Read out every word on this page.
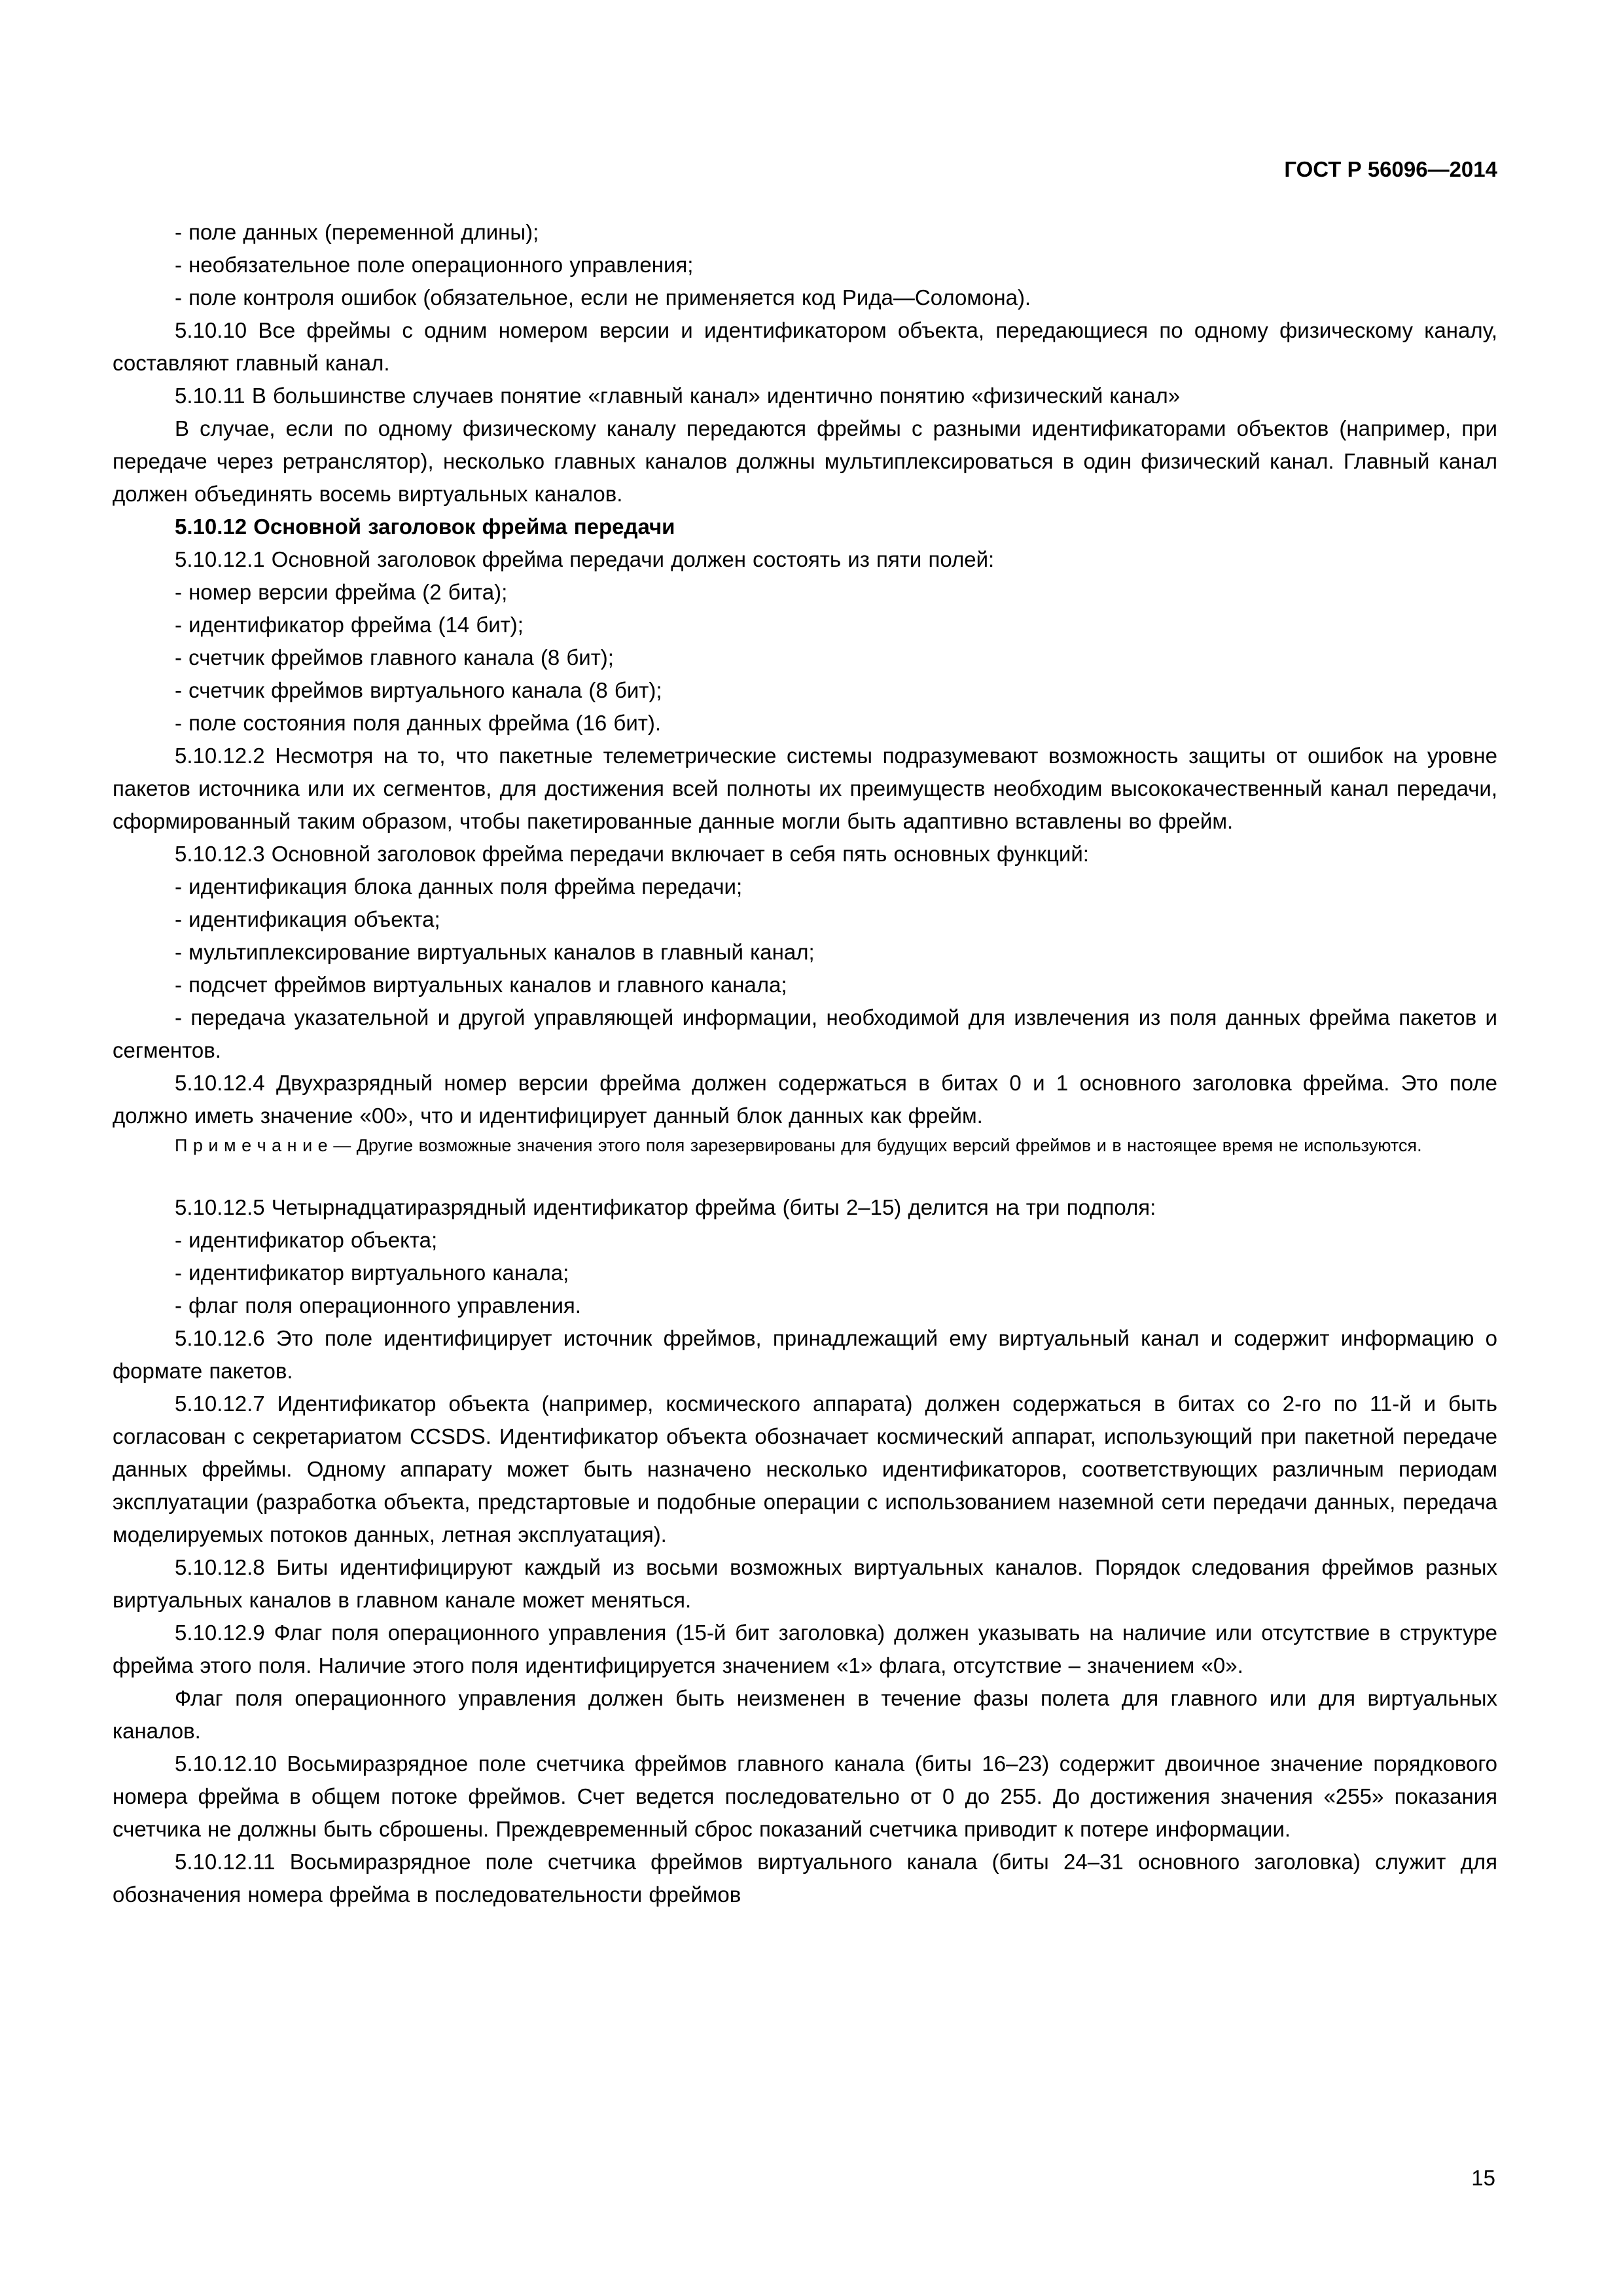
ГОСТ Р 56096—2014

- поле данных (переменной длины);

- необязательное поле операционного управления;

- поле контроля ошибок (обязательное, если не применяется код Рида—Соломона).

5.10.10 Все фреймы с одним номером версии и идентификатором объекта, передающиеся по одному физическому каналу, составляют главный канал.

5.10.11 В большинстве случаев понятие «главный канал» идентично понятию «физический канал»

В случае, если по одному физическому каналу передаются фреймы с разными идентификаторами объектов (например, при передаче через ретранслятор), несколько главных каналов должны мультиплексироваться в один физический канал. Главный канал должен объединять восемь виртуальных каналов.

5.10.12 Основной заголовок фрейма передачи

5.10.12.1 Основной заголовок фрейма передачи должен состоять из пяти полей:

- номер версии фрейма (2 бита);

- идентификатор фрейма (14 бит);

- счетчик фреймов главного канала (8 бит);

- счетчик фреймов виртуального канала (8 бит);

- поле состояния поля данных фрейма (16 бит).

5.10.12.2 Несмотря на то, что пакетные телеметрические системы подразумевают возможность защиты от ошибок на уровне пакетов источника или их сегментов, для достижения всей полноты их преимуществ необходим высококачественный канал передачи, сформированный таким образом, чтобы пакетированные данные могли быть адаптивно вставлены во фрейм.

5.10.12.3 Основной заголовок фрейма передачи включает в себя пять основных функций:

- идентификация блока данных поля фрейма передачи;

- идентификация объекта;

- мультиплексирование виртуальных каналов в главный канал;

- подсчет фреймов виртуальных каналов и главного канала;

- передача указательной и другой управляющей информации, необходимой для извлечения из поля данных фрейма пакетов и сегментов.

5.10.12.4 Двухразрядный номер версии фрейма должен содержаться в битах 0 и 1 основного заголовка фрейма. Это поле должно иметь значение «00», что и идентифицирует данный блок данных как фрейм.

П р и м е ч а н и е — Другие возможные значения этого поля зарезервированы для будущих версий фреймов и в настоящее время не используются.

5.10.12.5 Четырнадцатиразрядный идентификатор фрейма (биты 2–15) делится на три подполя:

- идентификатор объекта;

- идентификатор виртуального канала;

- флаг поля операционного управления.

5.10.12.6 Это поле идентифицирует источник фреймов, принадлежащий ему виртуальный канал и содержит информацию о формате пакетов.

5.10.12.7 Идентификатор объекта (например, космического аппарата) должен содержаться в битах со 2-го по 11-й и быть согласован с секретариатом CCSDS. Идентификатор объекта обозначает космический аппарат, использующий при пакетной передаче данных фреймы. Одному аппарату может быть назначено несколько идентификаторов, соответствующих различным периодам эксплуатации (разработка объекта, предстартовые и подобные операции с использованием наземной сети передачи данных, передача моделируемых потоков данных, летная эксплуатация).

5.10.12.8 Биты идентифицируют каждый из восьми возможных виртуальных каналов. Порядок следования фреймов разных виртуальных каналов в главном канале может меняться.

5.10.12.9 Флаг поля операционного управления (15-й бит заголовка) должен указывать на наличие или отсутствие в структуре фрейма этого поля. Наличие этого поля идентифицируется значением «1» флага, отсутствие – значением «0».

Флаг поля операционного управления должен быть неизменен в течение фазы полета для главного или для виртуальных каналов.

5.10.12.10 Восьмиразрядное поле счетчика фреймов главного канала (биты 16–23) содержит двоичное значение порядкового номера фрейма в общем потоке фреймов. Счет ведется последовательно от 0 до 255. До достижения значения «255» показания счетчика не должны быть сброшены. Преждевременный сброс показаний счетчика приводит к потере информации.

5.10.12.11 Восьмиразрядное поле счетчика фреймов виртуального канала (биты 24–31 основного заголовка) служит для обозначения номера фрейма в последовательности фреймов

15
